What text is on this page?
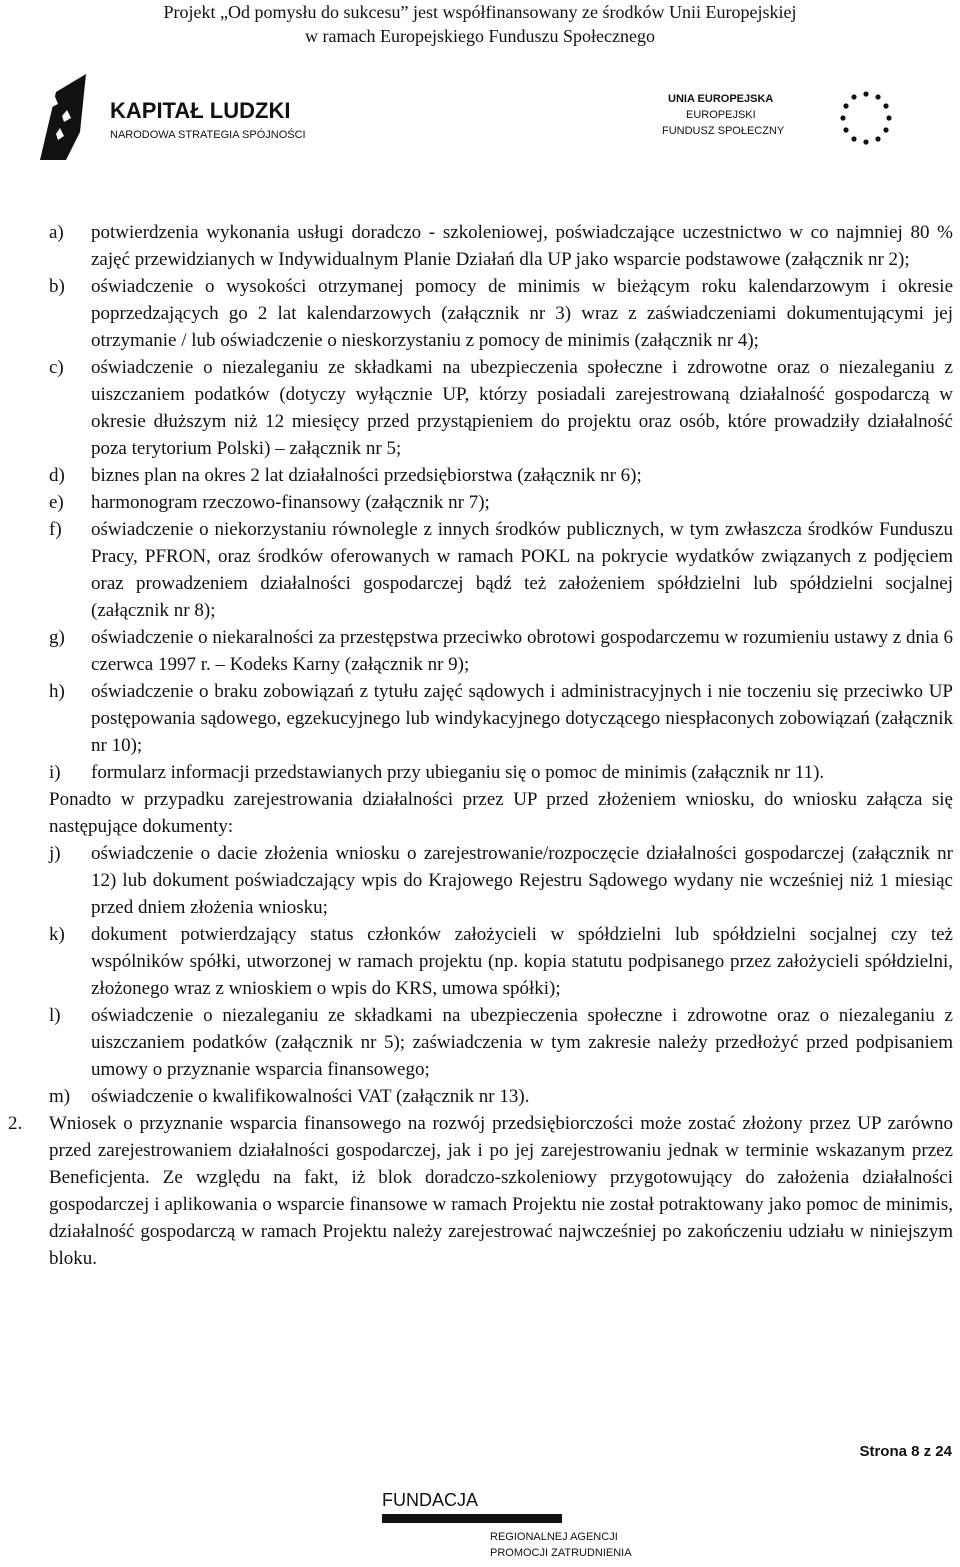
Projekt „Od pomysłu do sukcesu” jest współfinansowany ze środków Unii Europejskiej
w ramach Europejskiego Funduszu Społecznego
KAPITAŁ LUDZKI
NARODOWA STRATEGIA SPÓJNOŚCI
UNIA EUROPEJSKA
EUROPEJSKI
FUNDUSZ SPOŁECZNY
a) potwierdzenia wykonania usługi doradczo - szkoleniowej, poświadczające uczestnictwo w co najmniej 80 % zajęć przewidzianych w Indywidualnym Planie Działań dla UP jako wsparcie podstawowe (załącznik nr 2);
b) oświadczenie o wysokości otrzymanej pomocy de minimis w bieżącym roku kalendarzowym i okresie poprzedzających go 2 lat kalendarzowych (załącznik nr 3) wraz z zaświadczeniami dokumentującymi jej otrzymanie / lub oświadczenie o nieskorzystaniu z pomocy de minimis (załącznik nr 4);
c) oświadczenie o niezaleganiu ze składkami na ubezpieczenia społeczne i zdrowotne oraz o niezaleganiu z uiszczaniem podatków (dotyczy wyłącznie UP, którzy posiadali zarejestrowaną działalność gospodarczą w okresie dłuższym niż 12 miesięcy przed przystąpieniem do projektu oraz osób, które prowadziły działalność poza terytorium Polski) – załącznik nr 5;
d) biznes plan na okres 2 lat działalności przedsiębiorstwa (załącznik nr 6);
e) harmonogram rzeczowo-finansowy (załącznik nr 7);
f) oświadczenie o niekorzystaniu równolegle z innych środków publicznych, w tym zwłaszcza środków Funduszu Pracy, PFRON, oraz środków oferowanych w ramach POKL na pokrycie wydatków związanych z podjęciem oraz prowadzeniem działalności gospodarczej bądź też założeniem spółdzielni lub spółdzielni socjalnej (załącznik nr 8);
g) oświadczenie o niekaralności za przestępstwa przeciwko obrotowi gospodarczemu w rozumieniu ustawy z dnia 6 czerwca 1997 r. – Kodeks Karny (załącznik nr 9);
h) oświadczenie o braku zobowiązań z tytułu zajęć sądowych i administracyjnych i nie toczeniu się przeciwko UP postępowania sądowego, egzekucyjnego lub windykacyjnego dotyczącego niespłaconych zobowiązań (załącznik nr 10);
i) formularz informacji przedstawianych przy ubieganiu się o pomoc de minimis (załącznik nr 11).
Ponadto w przypadku zarejestrowania działalności przez UP przed złożeniem wniosku, do wniosku załącza się następujące dokumenty:
j) oświadczenie o dacie złożenia wniosku o zarejestrowanie/rozpoczęcie działalności gospodarczej (załącznik nr 12) lub dokument poświadczający wpis do Krajowego Rejestru Sądowego wydany nie wcześniej niż 1 miesiąc przed dniem złożenia wniosku;
k) dokument potwierdzający status członków założycieli w spółdzielni lub spółdzielni socjalnej czy też wspólników spółki, utworzonej w ramach projektu (np. kopia statutu podpisanego przez założycieli spółdzielni, złożonego wraz z wnioskiem o wpis do KRS, umowa spółki);
l) oświadczenie o niezaleganiu ze składkami na ubezpieczenia społeczne i zdrowotne oraz o niezaleganiu z uiszczaniem podatków (załącznik nr 5); zaświadczenia w tym zakresie należy przedłożyć przed podpisaniem umowy o przyznanie wsparcia finansowego;
m) oświadczenie o kwalifikowalności VAT (załącznik nr 13).
2. Wniosek o przyznanie wsparcia finansowego na rozwój przedsiębiorczości może zostać złożony przez UP zarówno przed zarejestrowaniem działalności gospodarczej, jak i po jej zarejestrowaniu jednak w terminie wskazanym przez Beneficjenta. Ze względu na fakt, iż blok doradczo-szkoleniowy przygotowujący do założenia działalności gospodarczej i aplikowania o wsparcie finansowe w ramach Projektu nie został potraktowany jako pomoc de minimis, działalność gospodarczą w ramach Projektu należy zarejestrować najwcześniej po zakończeniu udziału w niniejszym bloku.
Strona 8 z 24
FUNDACJA
REGIONALNEJ AGENCJI
PROMOCJI ZATRUDNIENIA
